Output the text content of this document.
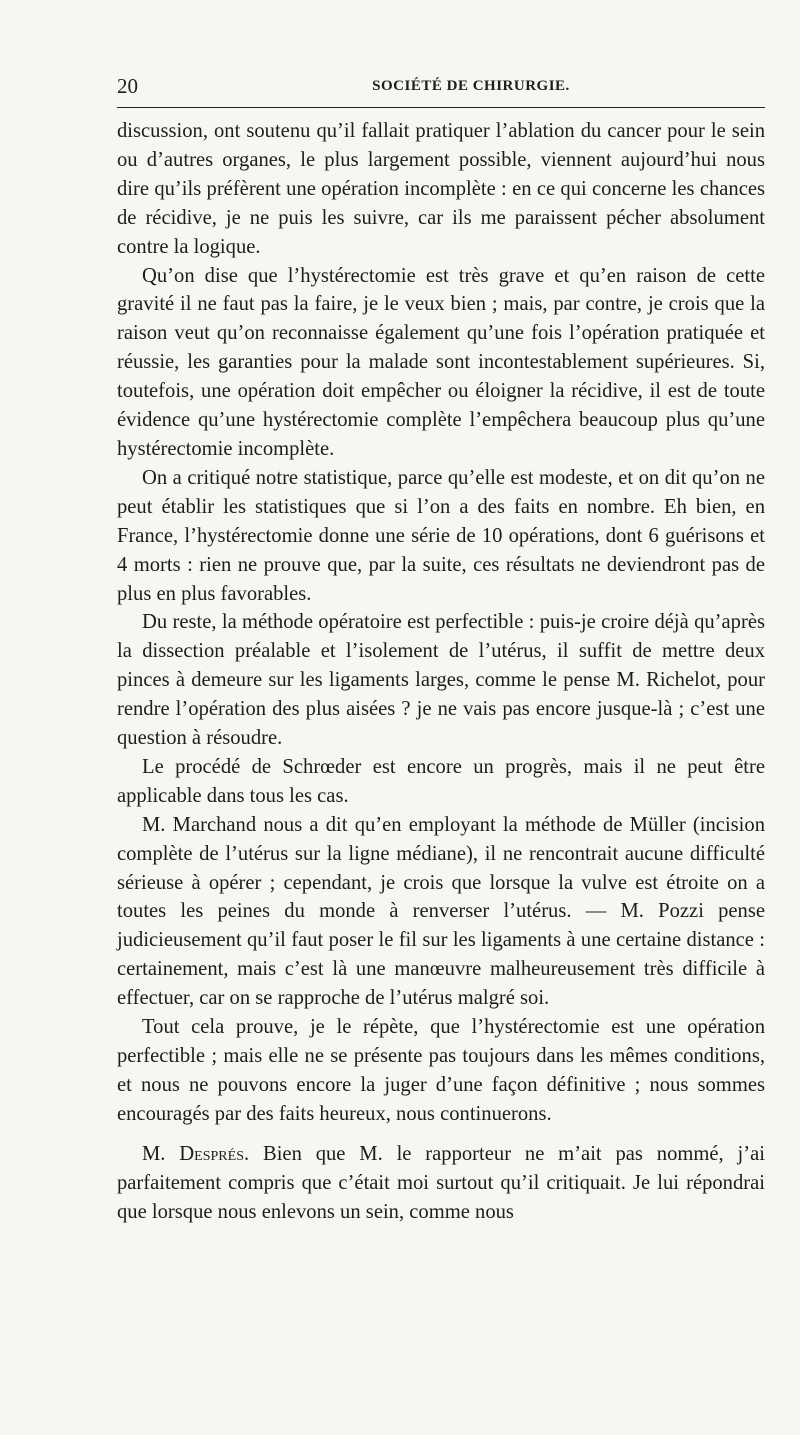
20	SOCIÉTÉ DE CHIRURGIE.

discussion, ont soutenu qu’il fallait pratiquer l’ablation du cancer pour le sein ou d’autres organes, le plus largement possible, viennent aujourd’hui nous dire qu’ils préfèrent une opération incomplète : en ce qui concerne les chances de récidive, je ne puis les suivre, car ils me paraissent pécher absolument contre la logique.

Qu’on dise que l’hystérectomie est très grave et qu’en raison de cette gravité il ne faut pas la faire, je le veux bien ; mais, par contre, je crois que la raison veut qu’on reconnaisse également qu’une fois l’opération pratiquée et réussie, les garanties pour la malade sont incontestablement supérieures. Si, toutefois, une opération doit empêcher ou éloigner la récidive, il est de toute évidence qu’une hystérectomie complète l’empêchera beaucoup plus qu’une hystérectomie incomplète.

On a critiqué notre statistique, parce qu’elle est modeste, et on dit qu’on ne peut établir les statistiques que si l’on a des faits en nombre. Eh bien, en France, l’hystérectomie donne une série de 10 opérations, dont 6 guérisons et 4 morts : rien ne prouve que, par la suite, ces résultats ne deviendront pas de plus en plus favorables.

Du reste, la méthode opératoire est perfectible : puis-je croire déjà qu’après la dissection préalable et l’isolement de l’utérus, il suffit de mettre deux pinces à demeure sur les ligaments larges, comme le pense M. Richelot, pour rendre l’opération des plus aisées ? je ne vais pas encore jusque-là ; c’est une question à résoudre.

Le procédé de Schrœder est encore un progrès, mais il ne peut être applicable dans tous les cas.

M. Marchand nous a dit qu’en employant la méthode de Müller (incision complète de l’utérus sur la ligne médiane), il ne rencontrait aucune difficulté sérieuse à opérer ; cependant, je crois que lorsque la vulve est étroite on a toutes les peines du monde à renverser l’utérus. — M. Pozzi pense judicieusement qu’il faut poser le fil sur les ligaments à une certaine distance : certainement, mais c’est là une manœuvre malheureusement très difficile à effectuer, car on se rapproche de l’utérus malgré soi.

Tout cela prouve, je le répète, que l’hystérectomie est une opération perfectible ; mais elle ne se présente pas toujours dans les mêmes conditions, et nous ne pouvons encore la juger d’une façon définitive ; nous sommes encouragés par des faits heureux, nous continuerons.

M. Després. Bien que M. le rapporteur ne m’ait pas nommé, j’ai parfaitement compris que c’était moi surtout qu’il critiquait. Je lui répondrai que lorsque nous enlevons un sein, comme nous
